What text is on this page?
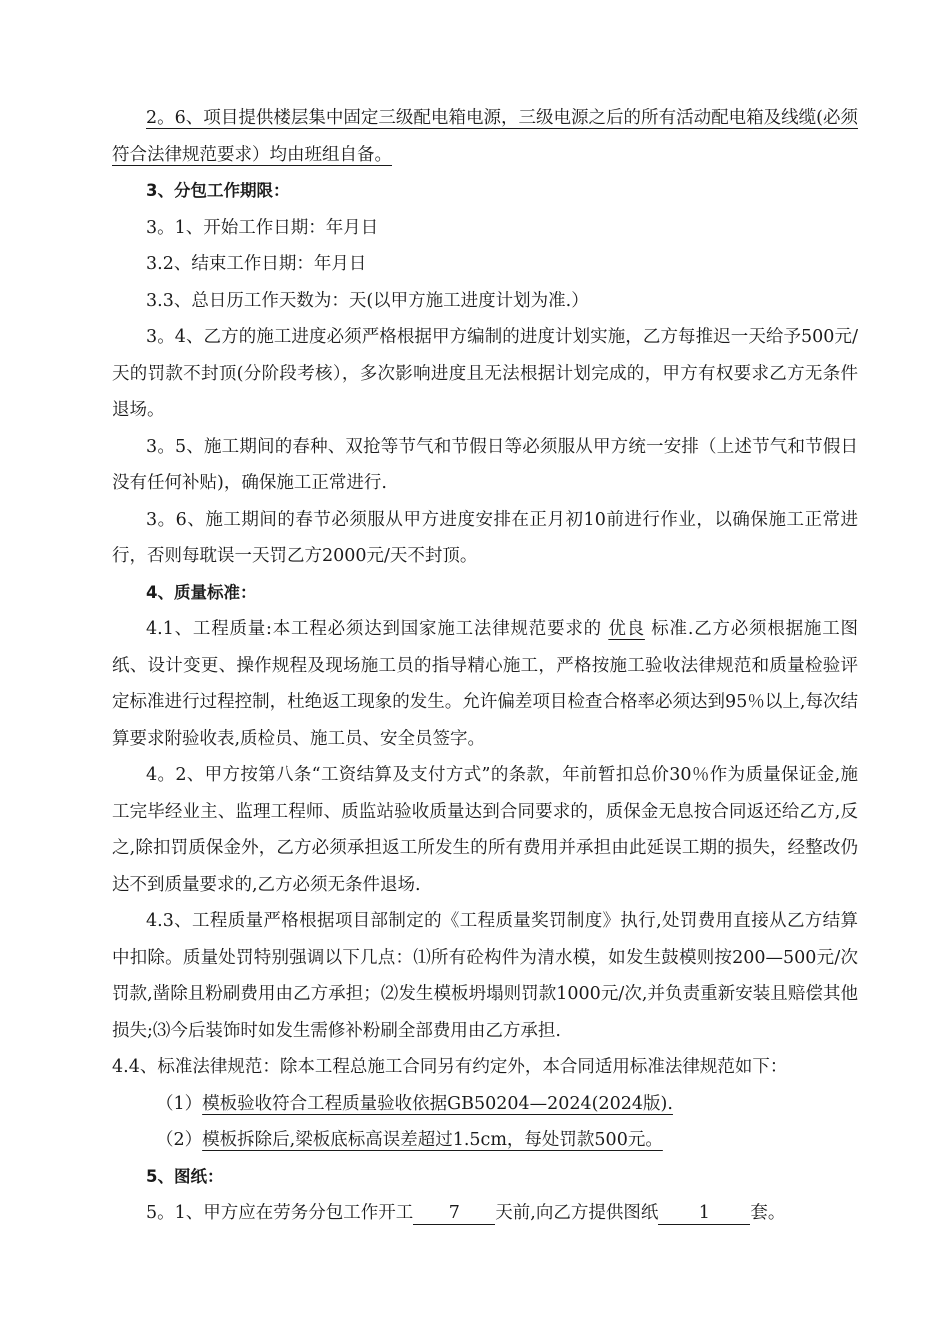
2。6、项目提供楼层集中固定三级配电箱电源，三级电源之后的所有活动配电箱及线缆(必须符合法律规范要求）均由班组自备。

3、分包工作期限：

3。1、开始工作日期：年月日

3.2、结束工作日期：年月日

3.3、总日历工作天数为：天(以甲方施工进度计划为准.）

3。4、乙方的施工进度必须严格根据甲方编制的进度计划实施，乙方每推迟一天给予500元/天的罚款不封顶(分阶段考核），多次影响进度且无法根据计划完成的，甲方有权要求乙方无条件退场。

3。5、施工期间的春种、双抢等节气和节假日等必须服从甲方统一安排（上述节气和节假日没有任何补贴)，确保施工正常进行.

3。6、施工期间的春节必须服从甲方进度安排在正月初10前进行作业，以确保施工正常进行，否则每耽误一天罚乙方2000元/天不封顶。

4、质量标准：

4.1、工程质量:本工程必须达到国家施工法律规范要求的 优良 标准.乙方必须根据施工图纸、设计变更、操作规程及现场施工员的指导精心施工，严格按施工验收法律规范和质量检验评定标准进行过程控制，杜绝返工现象的发生。允许偏差项目检查合格率必须达到95％以上,每次结算要求附验收表,质检员、施工员、安全员签字。

4。2、甲方按第八条“工资结算及支付方式”的条款，年前暂扣总价30％作为质量保证金,施工完毕经业主、监理工程师、质监站验收质量达到合同要求的，质保金无息按合同返还给乙方,反之,除扣罚质保金外，乙方必须承担返工所发生的所有费用并承担由此延误工期的损失，经整改仍达不到质量要求的,乙方必须无条件退场.

4.3、工程质量严格根据项目部制定的《工程质量奖罚制度》执行,处罚费用直接从乙方结算中扣除。质量处罚特别强调以下几点：⑴所有砼构件为清水模，如发生鼓模则按200—500元/次罚款,凿除且粉刷费用由乙方承担；⑵发生模板坍塌则罚款1000元/次,并负责重新安装且赔偿其他损失;⑶今后装饰时如发生需修补粉刷全部费用由乙方承担.

4.4、标准法律规范：除本工程总施工合同另有约定外，本合同适用标准法律规范如下：

（1）模板验收符合工程质量验收依据GB50204—2024(2024版).

（2）模板拆除后,梁板底标高误差超过1.5cm，每处罚款500元。

5、图纸：

5。1、甲方应在劳务分包工作开工 7 天前,向乙方提供图纸 1 套。
